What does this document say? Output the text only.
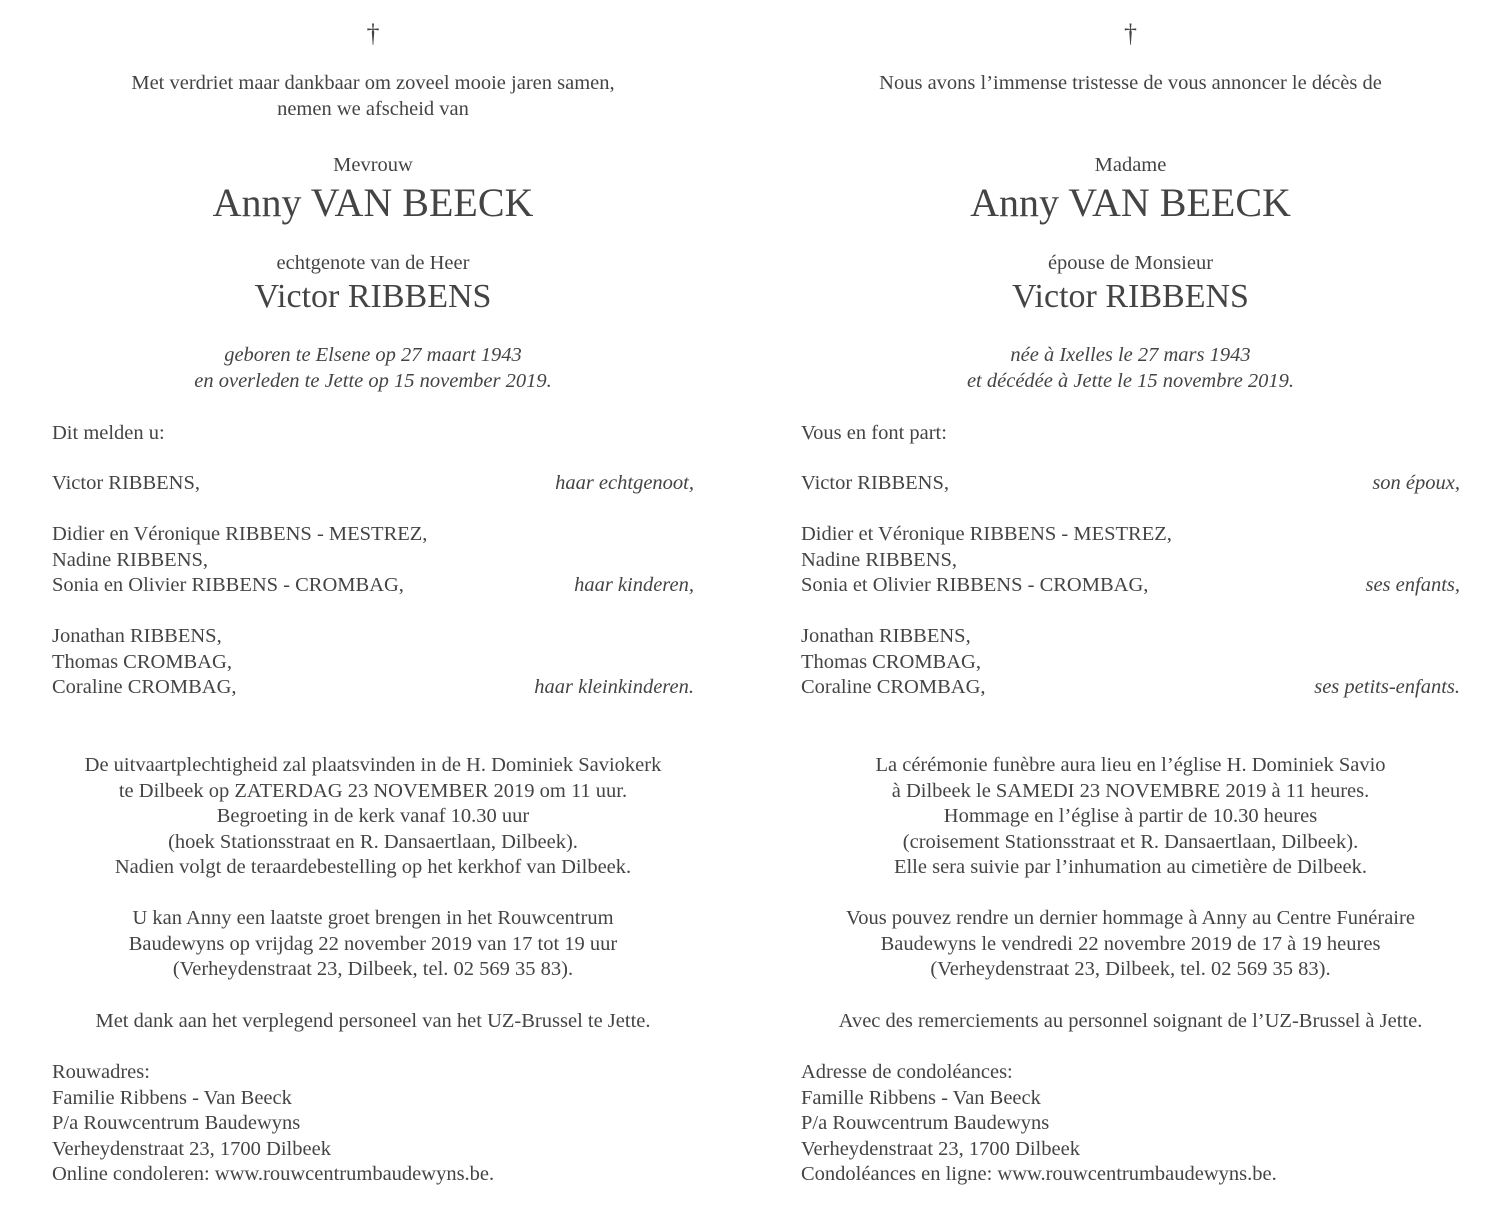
†
Met verdriet maar dankbaar om zoveel mooie jaren samen,
nemen we afscheid van
Mevrouw
Anny VAN BEECK
echtgenote van de Heer
Victor RIBBENS
geboren te Elsene op 27 maart 1943
en overleden te Jette op 15 november 2019.
Dit melden u:
Victor RIBBENS,	haar echtgenoot,
Didier en Véronique RIBBENS - MESTREZ,
Nadine RIBBENS,
Sonia en Olivier RIBBENS - CROMBAG,	haar kinderen,
Jonathan RIBBENS,
Thomas CROMBAG,
Coraline CROMBAG,	haar kleinkinderen.
De uitvaartplechtigheid zal plaatsvinden in de H. Dominiek Saviokerk
te Dilbeek op ZATERDAG 23 NOVEMBER 2019 om 11 uur.
Begroeting in de kerk vanaf 10.30 uur
(hoek Stationsstraat en R. Dansaertlaan, Dilbeek).
Nadien volgt de teraardebestelling op het kerkhof van Dilbeek.
U kan Anny een laatste groet brengen in het Rouwcentrum
Baudewyns op vrijdag 22 november 2019 van 17 tot 19 uur
(Verheydenstraat 23, Dilbeek, tel. 02 569 35 83).
Met dank aan het verplegend personeel van het UZ-Brussel te Jette.
Rouwadres:
Familie Ribbens - Van Beeck
P/a Rouwcentrum Baudewyns
Verheydenstraat 23, 1700 Dilbeek
Online condoleren: www.rouwcentrumbaudewyns.be.
†
Nous avons l’immense tristesse de vous annoncer le décès de
Madame
Anny VAN BEECK
épouse de Monsieur
Victor RIBBENS
née à Ixelles le 27 mars 1943
et décédée à Jette le 15 novembre 2019.
Vous en font part:
Victor RIBBENS,	son époux,
Didier et Véronique RIBBENS - MESTREZ,
Nadine RIBBENS,
Sonia et Olivier RIBBENS - CROMBAG,	ses enfants,
Jonathan RIBBENS,
Thomas CROMBAG,
Coraline CROMBAG,	ses petits-enfants.
La cérémonie funèbre aura lieu en l’église H. Dominiek Savio
à Dilbeek le SAMEDI 23 NOVEMBRE 2019 à 11 heures.
Hommage en l’église à partir de 10.30 heures
(croisement Stationsstraat et R. Dansaertlaan, Dilbeek).
Elle sera suivie par l’inhumation au cimetière de Dilbeek.
Vous pouvez rendre un dernier hommage à Anny au Centre Funéraire
Baudewyns le vendredi 22 novembre 2019 de 17 à 19 heures
(Verheydenstraat 23, Dilbeek, tel. 02 569 35 83).
Avec des remerciements au personnel soignant de l’UZ-Brussel à Jette.
Adresse de condoléances:
Famille Ribbens - Van Beeck
P/a Rouwcentrum Baudewyns
Verheydenstraat 23, 1700 Dilbeek
Condoléances en ligne: www.rouwcentrumbaudewyns.be.
